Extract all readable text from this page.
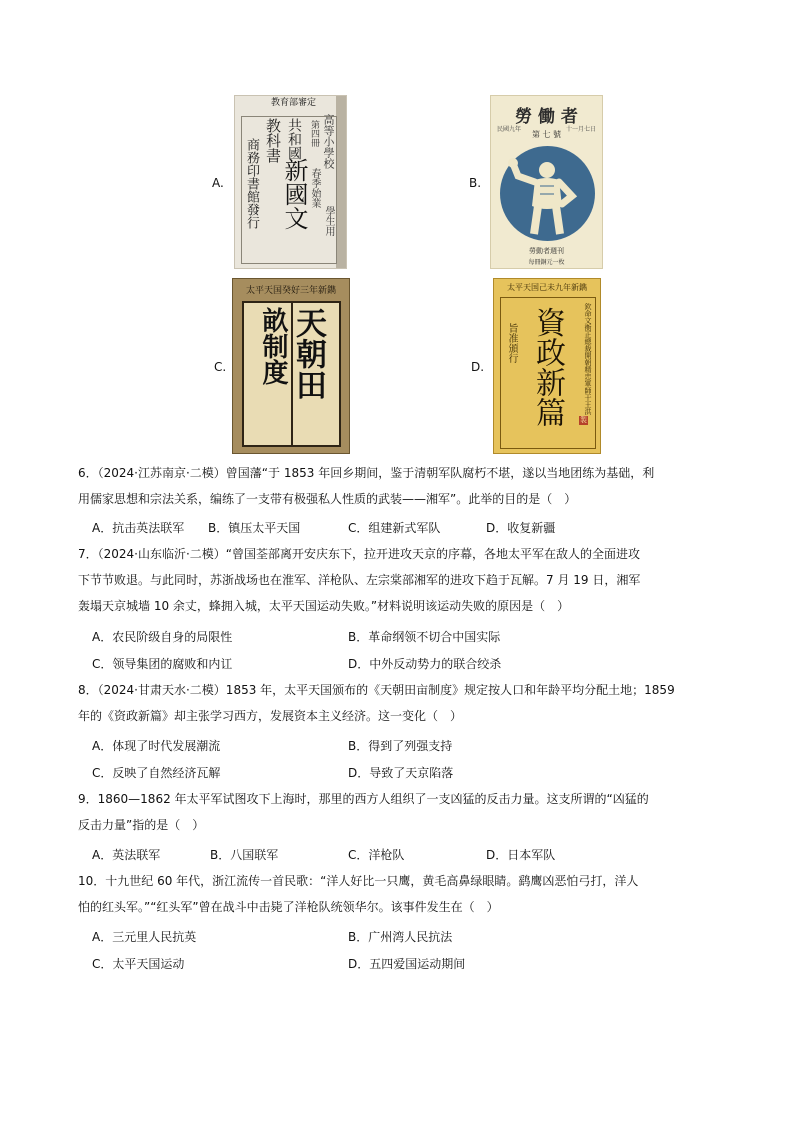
A.	B.
C.	D.
教育部審定
商務印書館發行 教科書
新國文
共和國 第四冊 高等小學校
春季始業
學生用
勞 働 者
第 七 號
民國九年	十一月七日
勞動者週刊
每冊銅元一枚
太平天国癸好三年新鐫
天朝田
畝制度
太平天国己未九年新鐫
欽命文衡正總裁開朝精忠軍師干王洪
資政新篇
旨准頒行
製
6．（2024·江苏南京·二模）曾国藩“于 1853 年回乡期间，鉴于清朝军队腐朽不堪，遂以当地团练为基础，利
用儒家思想和宗法关系，编练了一支带有极强私人性质的武装——湘军”。此举的目的是（　）
A．抗击英法联军 B．镇压太平天国	C．组建新式军队	D．收复新疆
7．（2024·山东临沂·二模）“曾国荃部离开安庆东下，拉开进攻天京的序幕，各地太平军在敌人的全面进攻
下节节败退。与此同时，苏浙战场也在淮军、洋枪队、左宗棠部湘军的进攻下趋于瓦解。7 月 19 日，湘军
轰塌天京城墙 10 余丈，蜂拥入城，太平天国运动失败。”材料说明该运动失败的原因是（　）
A．农民阶级自身的局限性	B．革命纲领不切合中国实际
C．领导集团的腐败和内讧	D．中外反动势力的联合绞杀
8．（2024·甘肃天水·二模）1853 年，太平天国颁布的《天朝田亩制度》规定按人口和年龄平均分配土地；1859
年的《资政新篇》却主张学习西方，发展资本主义经济。这一变化（　）
A．体现了时代发展潮流	B．得到了列强支持
C．反映了自然经济瓦解	D．导致了天京陷落
9．1860—1862 年太平军试图攻下上海时，那里的西方人组织了一支凶猛的反击力量。这支所谓的“凶猛的
反击力量”指的是（　）
A．英法联军	B．八国联军	C．洋枪队	D．日本军队
10．十九世纪 60 年代，浙江流传一首民歌：“洋人好比一只鹰，黄毛高鼻绿眼睛。鹞鹰凶恶怕弓打，洋人
怕的红头军。”“红头军”曾在战斗中击毙了洋枪队统领华尔。该事件发生在（　）
A．三元里人民抗英	B．广州湾人民抗法
C．太平天国运动	D．五四爱国运动期间
